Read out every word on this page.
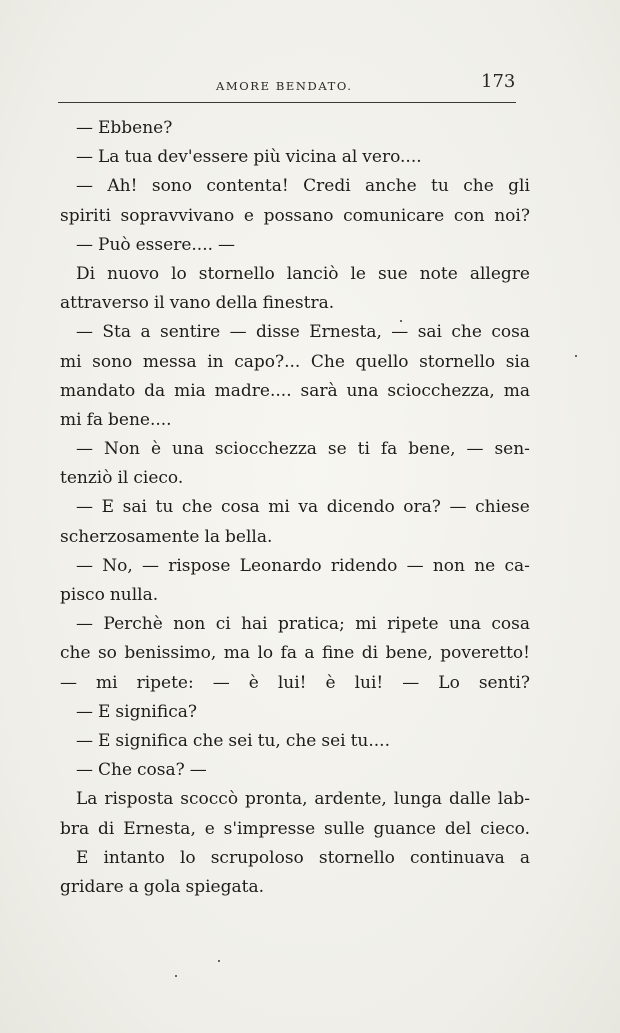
AMORE BENDATO.	173
— Ebbene?
— La tua dev'essere più vicina al vero....
— Ah! sono contenta! Credi anche tu che gli
spiriti sopravvivano e possano comunicare con noi?
— Può essere.... —
Di nuovo lo stornello lanciò le sue note allegre
attraverso il vano della finestra.
— Sta a sentire — disse Ernesta, — sai che cosa
mi sono messa in capo?... Che quello stornello sia
mandato da mia madre.... sarà una sciocchezza, ma
mi fa bene....
— Non è una sciocchezza se ti fa bene, — sen-
tenziò il cieco.
— E sai tu che cosa mi va dicendo ora? — chiese
scherzosamente la bella.
— No, — rispose Leonardo ridendo — non ne ca-
pisco nulla.
— Perchè non ci hai pratica; mi ripete una cosa
che so benissimo, ma lo fa a fine di bene, poveretto!
— mi ripete: — è lui! è lui! — Lo senti?
— E significa?
— E significa che sei tu, che sei tu....
— Che cosa? —
La risposta scoccò pronta, ardente, lunga dalle lab-
bra di Ernesta, e s'impresse sulle guance del cieco.
E intanto lo scrupoloso stornello continuava a
gridare a gola spiegata.
